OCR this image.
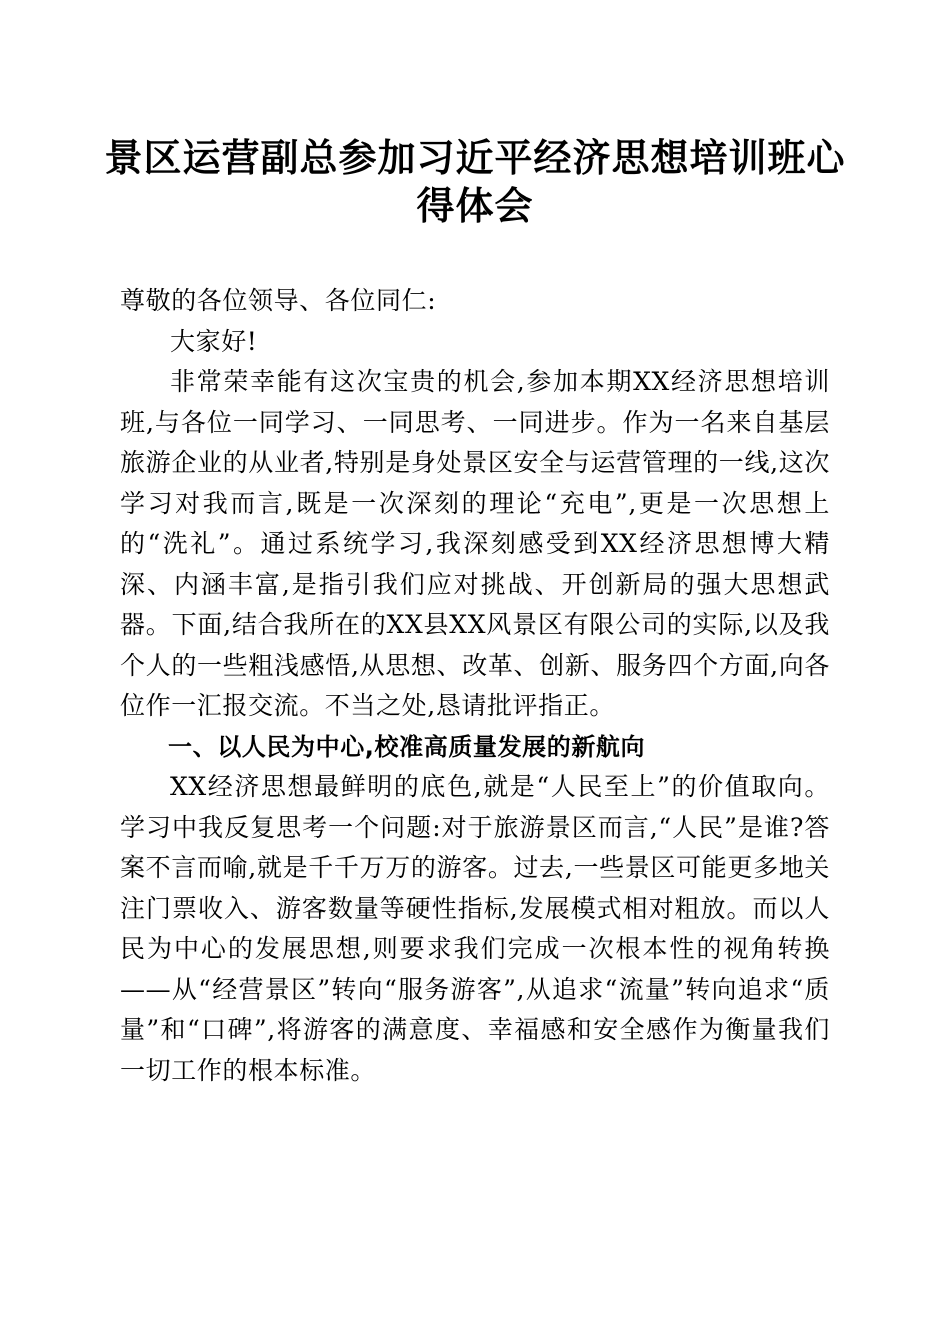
景区运营副总参加习近平经济思想培训班心得体会

尊敬的各位领导、各位同仁:

大家好!

非常荣幸能有这次宝贵的机会,参加本期XX经济思想培训班,与各位一同学习、一同思考、一同进步。作为一名来自基层旅游企业的从业者,特别是身处景区安全与运营管理的一线,这次学习对我而言,既是一次深刻的理论“充电”,更是一次思想上的“洗礼”。通过系统学习,我深刻感受到XX经济思想博大精深、内涵丰富,是指引我们应对挑战、开创新局的强大思想武器。下面,结合我所在的XX县XX风景区有限公司的实际,以及我个人的一些粗浅感悟,从思想、改革、创新、服务四个方面,向各位作一汇报交流。不当之处,恳请批评指正。

一、以人民为中心,校准高质量发展的新航向

XX经济思想最鲜明的底色,就是“人民至上”的价值取向。学习中我反复思考一个问题:对于旅游景区而言,“人民”是谁?答案不言而喻,就是千千万万的游客。过去,一些景区可能更多地关注门票收入、游客数量等硬性指标,发展模式相对粗放。而以人民为中心的发展思想,则要求我们完成一次根本性的视角转换——从“经营景区”转向“服务游客”,从追求“流量”转向追求“质量”和“口碑”,将游客的满意度、幸福感和安全感作为衡量我们一切工作的根本标准。
